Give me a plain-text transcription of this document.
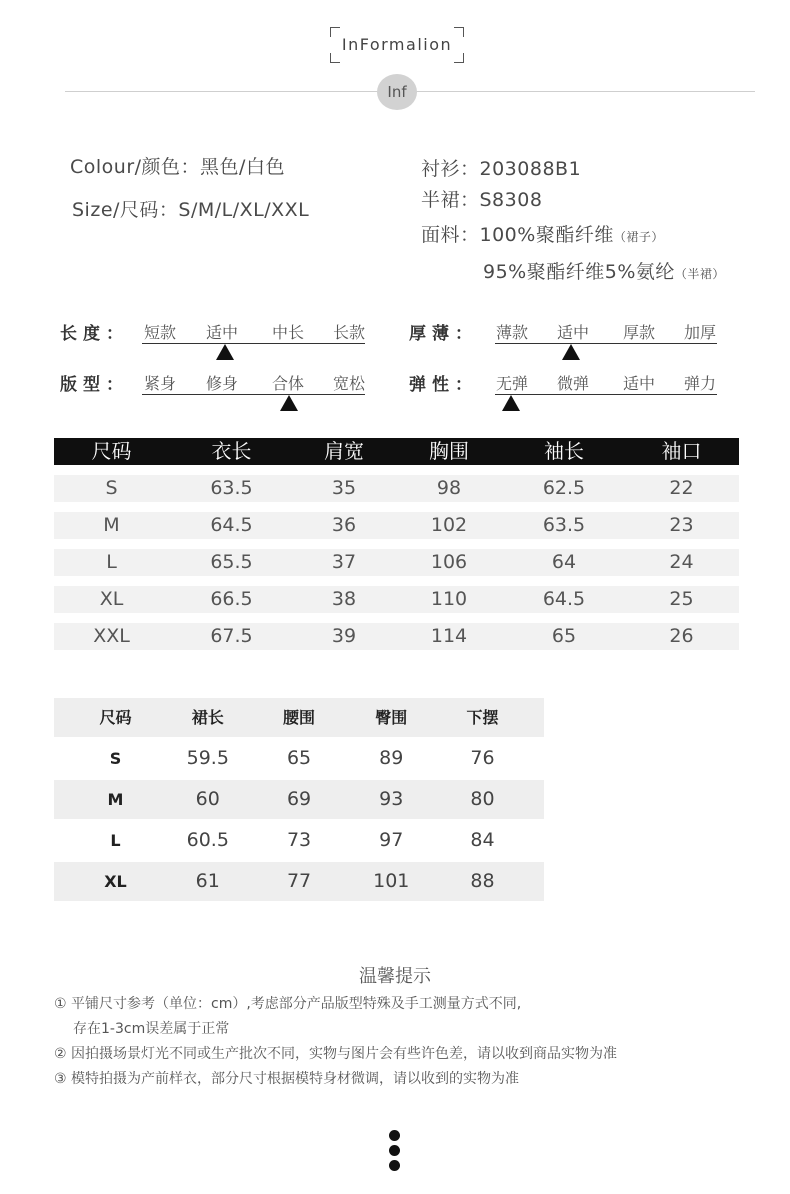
InFormalion
Inf
Colour/颜色：黑色/白色
Size/尺码：S/M/L/XL/XXL
衬衫：203088B1
半裙：S8308
面料：100%聚酯纤维（裙子）
95%聚酯纤维5%氨纶（半裙）
长度： 短款 适中 中长 长款
版型： 紧身 修身 合体 宽松
厚薄： 薄款 适中 厚款 加厚
弹性： 无弹 微弹 适中 弹力
尺码	衣长	肩宽	胸围	袖长	袖口
S	63.5	35	98	62.5	22
M	64.5	36	102	63.5	23
L	65.5	37	106	64	24
XL	66.5	38	110	64.5	25
XXL	67.5	39	114	65	26
尺码	裙长	腰围	臀围	下摆
S	59.5	65	89	76
M	60	69	93	80
L	60.5	73	97	84
XL	61	77	101	88
温馨提示
① 平铺尺寸参考（单位：cm）,考虑部分产品版型特殊及手工测量方式不同,
存在1-3cm误差属于正常
② 因拍摄场景灯光不同或生产批次不同，实物与图片会有些许色差，请以收到商品实物为准
③ 模特拍摄为产前样衣，部分尺寸根据模特身材微调，请以收到的实物为准
